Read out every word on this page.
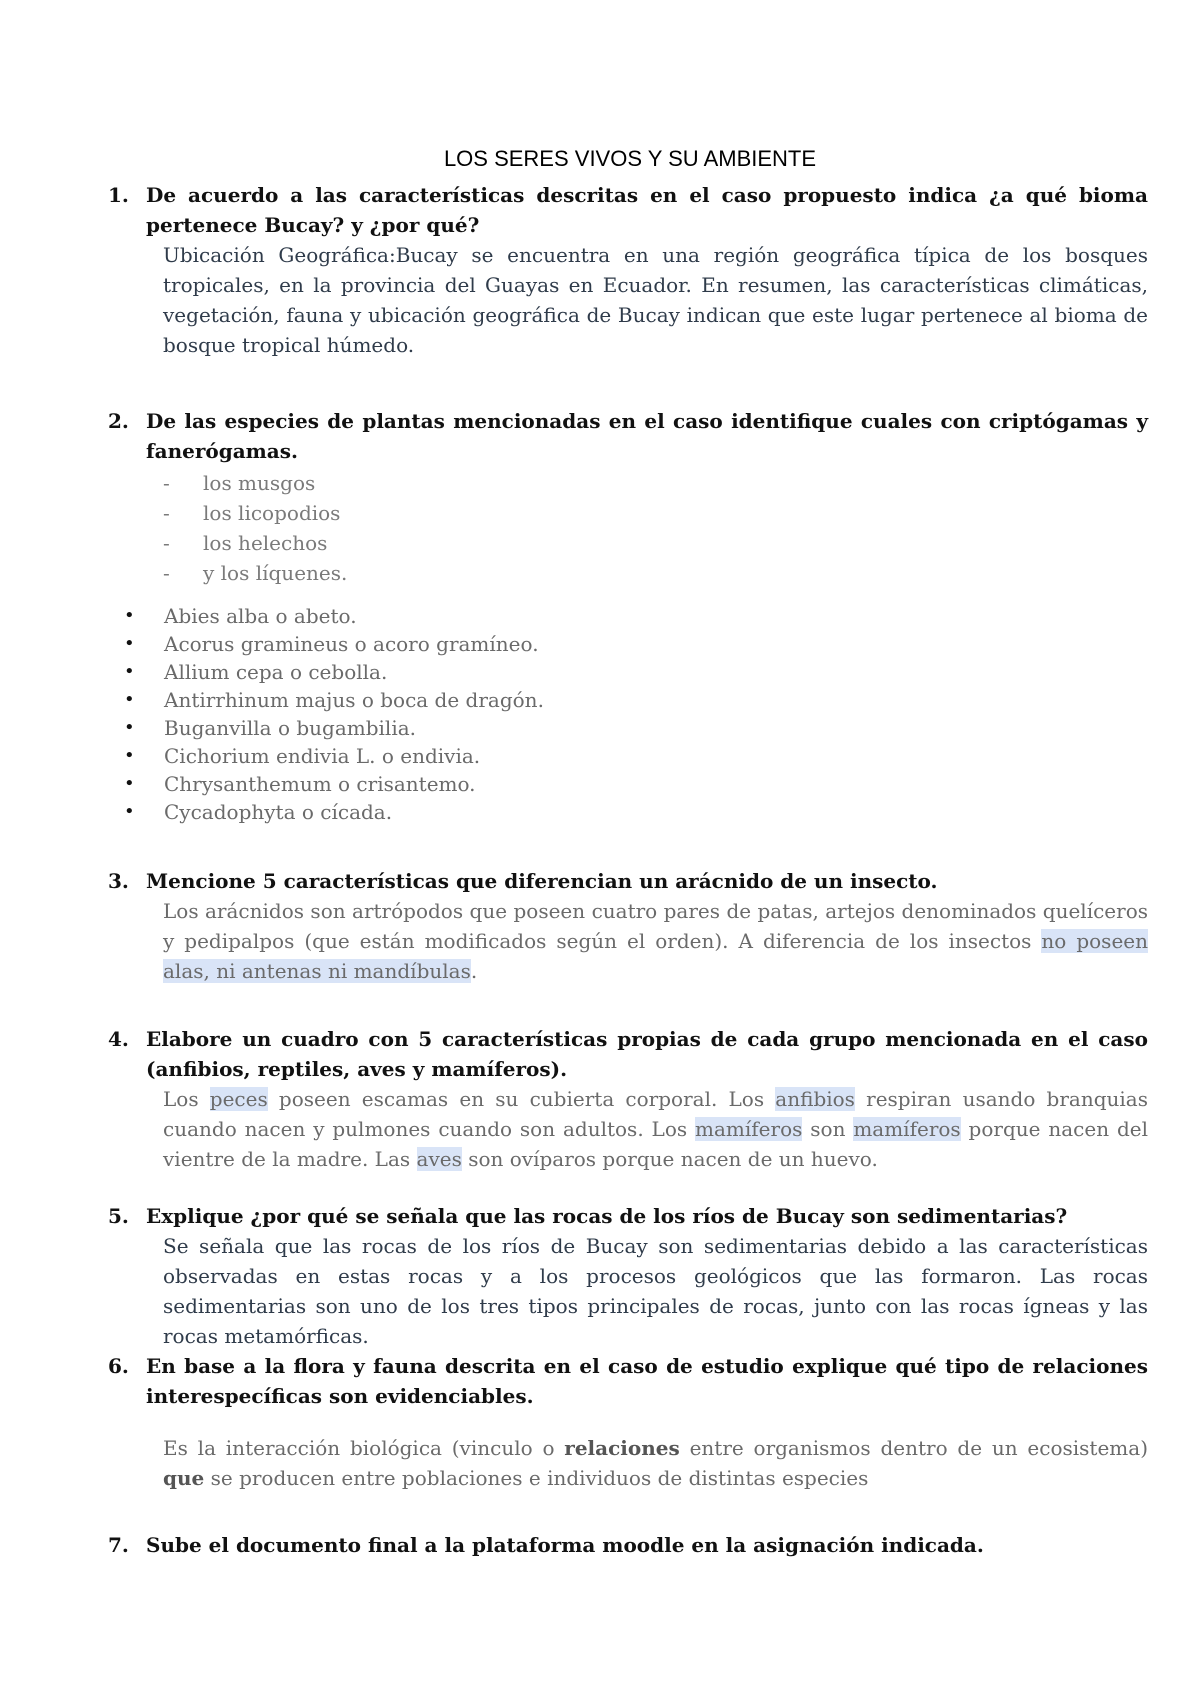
LOS SERES VIVOS Y SU AMBIENTE
1. De acuerdo a las características descritas en el caso propuesto indica ¿a qué bioma pertenece Bucay? y ¿por qué?
Ubicación Geográfica:Bucay se encuentra en una región geográfica típica de los bosques tropicales, en la provincia del Guayas en Ecuador. En resumen, las características climáticas, vegetación, fauna y ubicación geográfica de Bucay indican que este lugar pertenece al bioma de bosque tropical húmedo.
2. De las especies de plantas mencionadas en el caso identifique cuales con criptógamas y fanerógamas.
-	los musgos
-	los licopodios
-	los helechos
-	y los líquenes.
•	Abies alba o abeto.
•	Acorus gramineus o acoro gramíneo.
•	Allium cepa o cebolla.
•	Antirrhinum majus o boca de dragón.
•	Buganvilla o bugambilia.
•	Cichorium endivia L. o endivia.
•	Chrysanthemum o crisantemo.
•	Cycadophyta o cícada.
3. Mencione 5 características que diferencian un arácnido de un insecto.
Los arácnidos son artrópodos que poseen cuatro pares de patas, artejos denominados quelíceros y pedipalpos (que están modificados según el orden). A diferencia de los insectos no poseen alas, ni antenas ni mandíbulas.
4. Elabore un cuadro con 5 características propias de cada grupo mencionada en el caso (anfibios, reptiles, aves y mamíferos).
Los peces poseen escamas en su cubierta corporal. Los anfibios respiran usando branquias cuando nacen y pulmones cuando son adultos. Los mamíferos son mamíferos porque nacen del vientre de la madre. Las aves son ovíparos porque nacen de un huevo.
5. Explique ¿por qué se señala que las rocas de los ríos de Bucay son sedimentarias?
Se señala que las rocas de los ríos de Bucay son sedimentarias debido a las características observadas en estas rocas y a los procesos geológicos que las formaron. Las rocas sedimentarias son uno de los tres tipos principales de rocas, junto con las rocas ígneas y las rocas metamórficas.
6. En base a la flora y fauna descrita en el caso de estudio explique qué tipo de relaciones interespecíficas son evidenciables.
Es la interacción biológica (vinculo o relaciones entre organismos dentro de un ecosistema) que se producen entre poblaciones e individuos de distintas especies
7. Sube el documento final a la plataforma moodle en la asignación indicada.
